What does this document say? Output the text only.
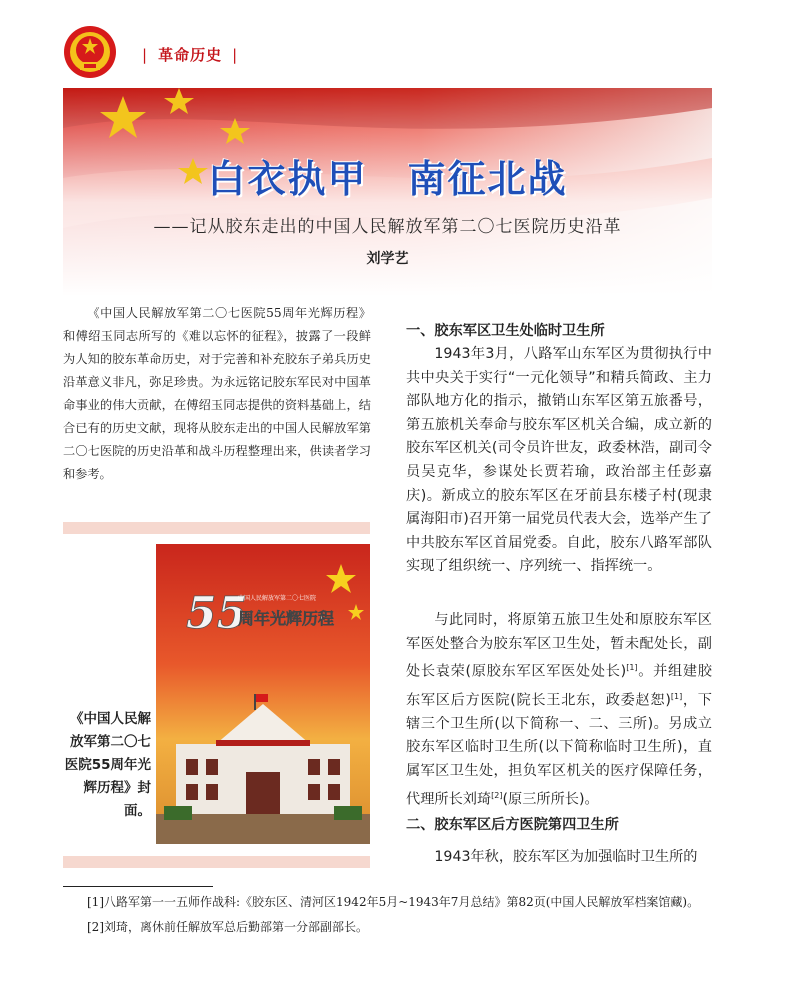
| 革命历史 |
白衣执甲　南征北战
——记从胶东走出的中国人民解放军第二〇七医院历史沿革
刘学艺
《中国人民解放军第二〇七医院55周年光辉历程》和傅绍玉同志所写的《难以忘怀的征程》，披露了一段鲜为人知的胶东革命历史，对于完善和补充胶东子弟兵历史沿革意义非凡，弥足珍贵。为永远铭记胶东军民对中国革命事业的伟大贡献，在傅绍玉同志提供的资料基础上，结合已有的历史文献，现将从胶东走出的中国人民解放军第二〇七医院的历史沿革和战斗历程整理出来，供读者学习和参考。
55
中国人民解放军第二〇七医院
周年光辉历程
《中国人民解放军第二〇七医院55周年光辉历程》封面。
一、胶东军区卫生处临时卫生所
1943年3月，八路军山东军区为贯彻执行中共中央关于实行“一元化领导”和精兵简政、主力部队地方化的指示，撤销山东军区第五旅番号，第五旅机关奉命与胶东军区机关合编，成立新的胶东军区机关(司令员许世友，政委林浩，副司令员吴克华，参谋处长贾若瑜，政治部主任彭嘉庆)。新成立的胶东军区在牙前县东楼子村(现隶属海阳市)召开第一届党员代表大会，选举产生了中共胶东军区首届党委。自此，胶东八路军部队实现了组织统一、序列统一、指挥统一。
与此同时，将原第五旅卫生处和原胶东军区军医处整合为胶东军区卫生处，暂未配处长，副处长袁荣(原胶东军区军医处处长)[1]。并组建胶东军区后方医院(院长王北东，政委赵恕)[1]，下辖三个卫生所(以下简称一、二、三所)。另成立胶东军区临时卫生所(以下简称临时卫生所)，直属军区卫生处，担负军区机关的医疗保障任务，代理所长刘琦[2](原三所所长)。
二、胶东军区后方医院第四卫生所
1943年秋，胶东军区为加强临时卫生所的
[1]八路军第一一五师作战科:《胶东区、清河区1942年5月~1943年7月总结》第82页(中国人民解放军档案馆藏)。
[2]刘琦，离休前任解放军总后勤部第一分部副部长。
